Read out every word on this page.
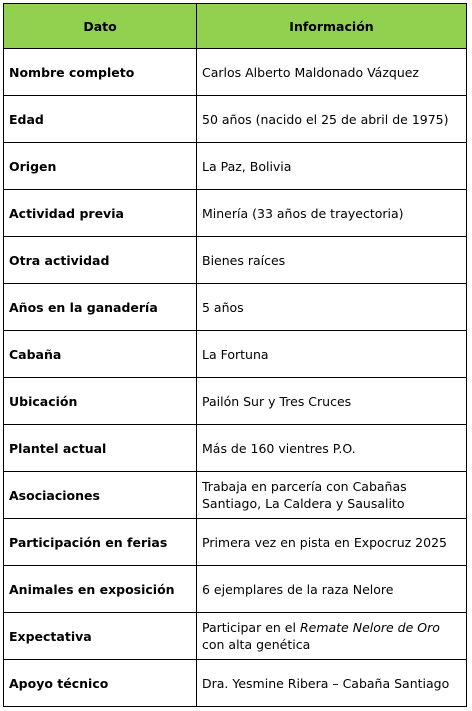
Dato	Información
Nombre completo	Carlos Alberto Maldonado Vázquez
Edad	50 años (nacido el 25 de abril de 1975)
Origen	La Paz, Bolivia
Actividad previa	Minería (33 años de trayectoria)
Otra actividad	Bienes raíces
Años en la ganadería	5 años
Cabaña	La Fortuna
Ubicación	Pailón Sur y Tres Cruces
Plantel actual	Más de 160 vientres P.O.
Asociaciones	Trabaja en parcería con Cabañas Santiago, La Caldera y Sausalito
Participación en ferias	Primera vez en pista en Expocruz 2025
Animales en exposición	6 ejemplares de la raza Nelore
Expectativa	Participar en el Remate Nelore de Oro con alta genética
Apoyo técnico	Dra. Yesmine Ribera – Cabaña Santiago
